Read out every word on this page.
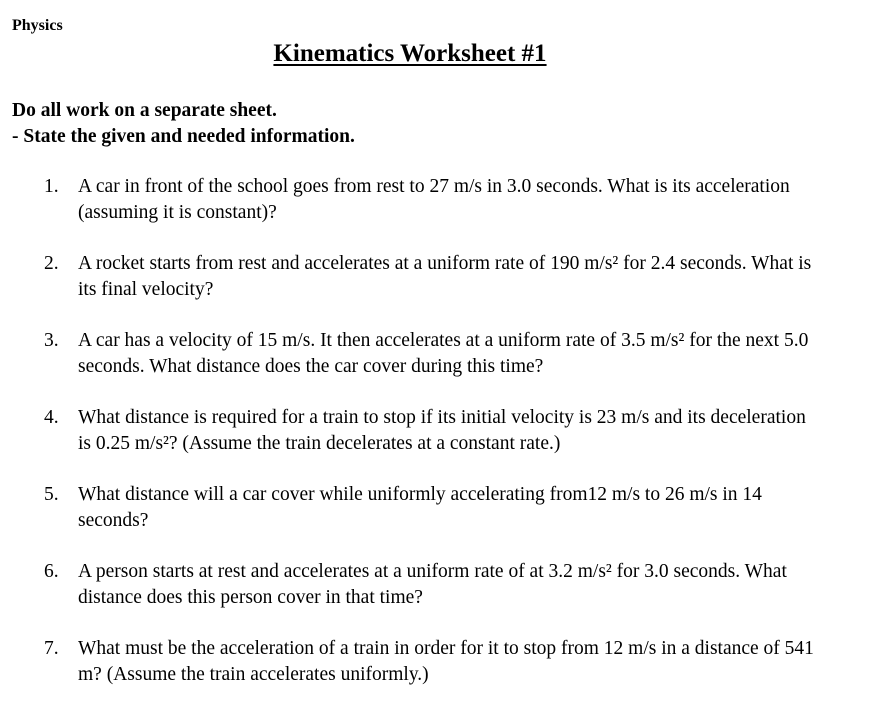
Physics
Kinematics Worksheet #1
Do all work on a separate sheet.
- State the given and needed information.
1. A car in front of the school goes from rest to 27 m/s in 3.0 seconds. What is its acceleration (assuming it is constant)?
2. A rocket starts from rest and accelerates at a uniform rate of 190 m/s² for 2.4 seconds. What is its final velocity?
3. A car has a velocity of 15 m/s. It then accelerates at a uniform rate of 3.5 m/s² for the next 5.0 seconds. What distance does the car cover during this time?
4. What distance is required for a train to stop if its initial velocity is 23 m/s and its deceleration is 0.25 m/s²? (Assume the train decelerates at a constant rate.)
5. What distance will a car cover while uniformly accelerating from12 m/s to 26 m/s in 14 seconds?
6. A person starts at rest and accelerates at a uniform rate of at 3.2 m/s² for 3.0 seconds. What distance does this person cover in that time?
7. What must be the acceleration of a train in order for it to stop from 12 m/s in a distance of 541 m? (Assume the train accelerates uniformly.)
